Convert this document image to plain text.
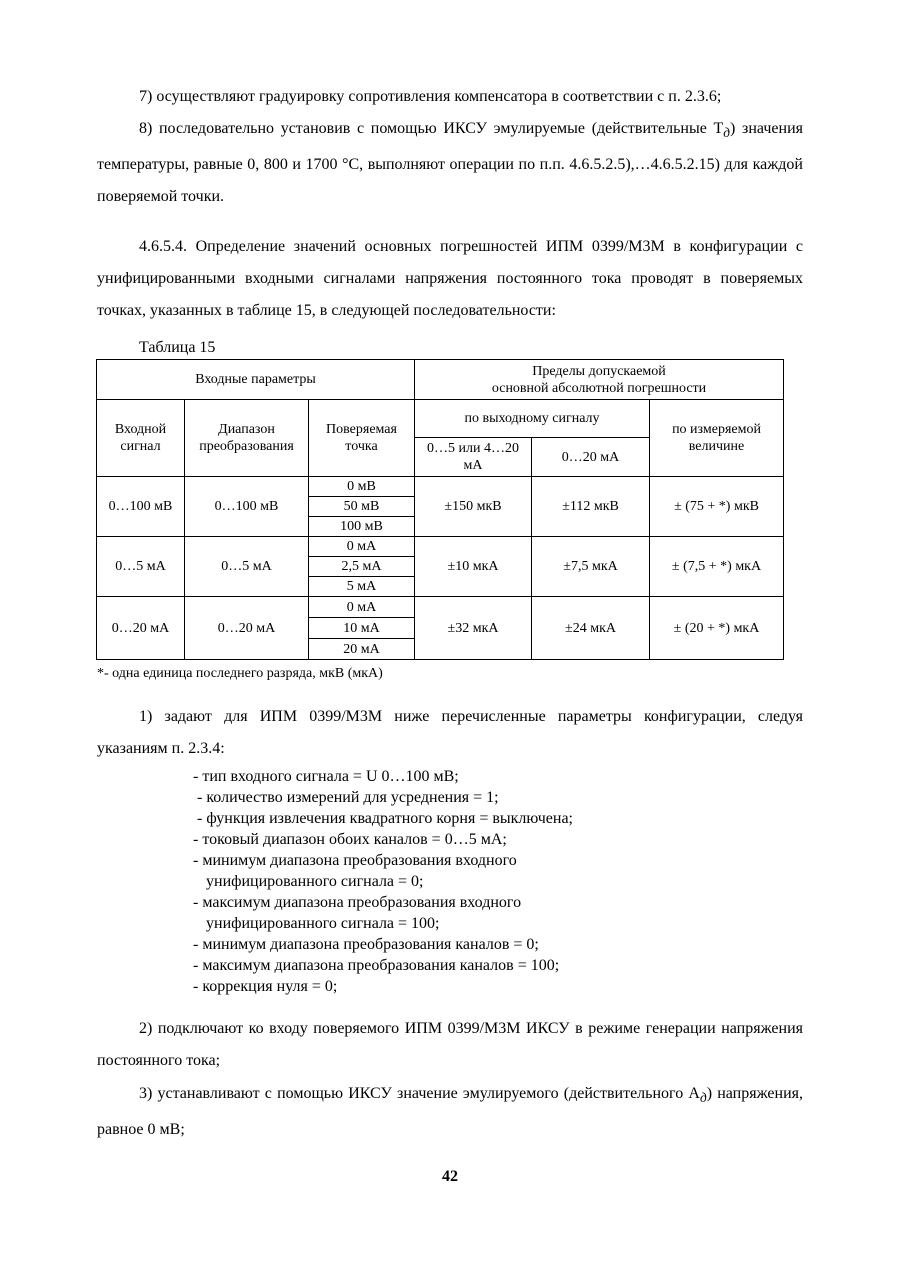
7) осуществляют градуировку сопротивления компенсатора в соответствии с п. 2.3.6;
8) последовательно установив с помощью ИКСУ эмулируемые (действительные $T_д$) значения температуры, равные 0, 800 и 1700 °С, выполняют операции по п.п. 4.6.5.2.5),…4.6.5.2.15) для каждой поверяемой точки.
4.6.5.4. Определение значений основных погрешностей ИПМ 0399/М3М в конфигурации с унифицированными входными сигналами напряжения постоянного тока проводят в поверяемых точках, указанных в таблице 15, в следующей последовательности:
Таблица 15
Входные параметры			Пределы допускаемой
основной абсолютной погрешности		

Входной сигнал	Диапазон преобразования	Поверяемая точка	по выходному сигналу		по измеряемой величине
			0…5 или 4…20 мА	0…20 мА	
0…100 мВ	0…100 мВ	0 мВ	±150 мкВ	±112 мкВ	± (75 + *) мкВ
		50 мВ			
		100 мВ			
0…5 мА	0…5 мА	0 мА	±10 мкА	±7,5 мкА	± (7,5 + *) мкА
		2,5 мА			
		5 мА			
0…20 мА	0…20 мА	0 мА	±32 мкА	±24 мкА	± (20 + *) мкА
		10 мА			
		20 мА			
*- одна единица последнего разряда, мкВ (мкА)
1) задают для ИПМ 0399/М3М ниже перечисленные параметры конфигурации, следуя указаниям п. 2.3.4:
- тип входного сигнала = U 0…100 мВ;
- количество измерений для усреднения = 1;
- функция извлечения квадратного корня = выключена;
- токовый диапазон обоих каналов = 0…5 мА;
- минимум диапазона преобразования входного
унифицированного сигнала = 0;
- максимум диапазона преобразования входного
унифицированного сигнала = 100;
- минимум диапазона преобразования каналов = 0;
- максимум диапазона преобразования каналов = 100;
- коррекция нуля = 0;
2) подключают ко входу поверяемого ИПМ 0399/М3М ИКСУ в режиме генерации напряжения постоянного тока;
3) устанавливают с помощью ИКСУ значение эмулируемого (действительного $A_д$) напряжения, равное 0 мВ;
42
